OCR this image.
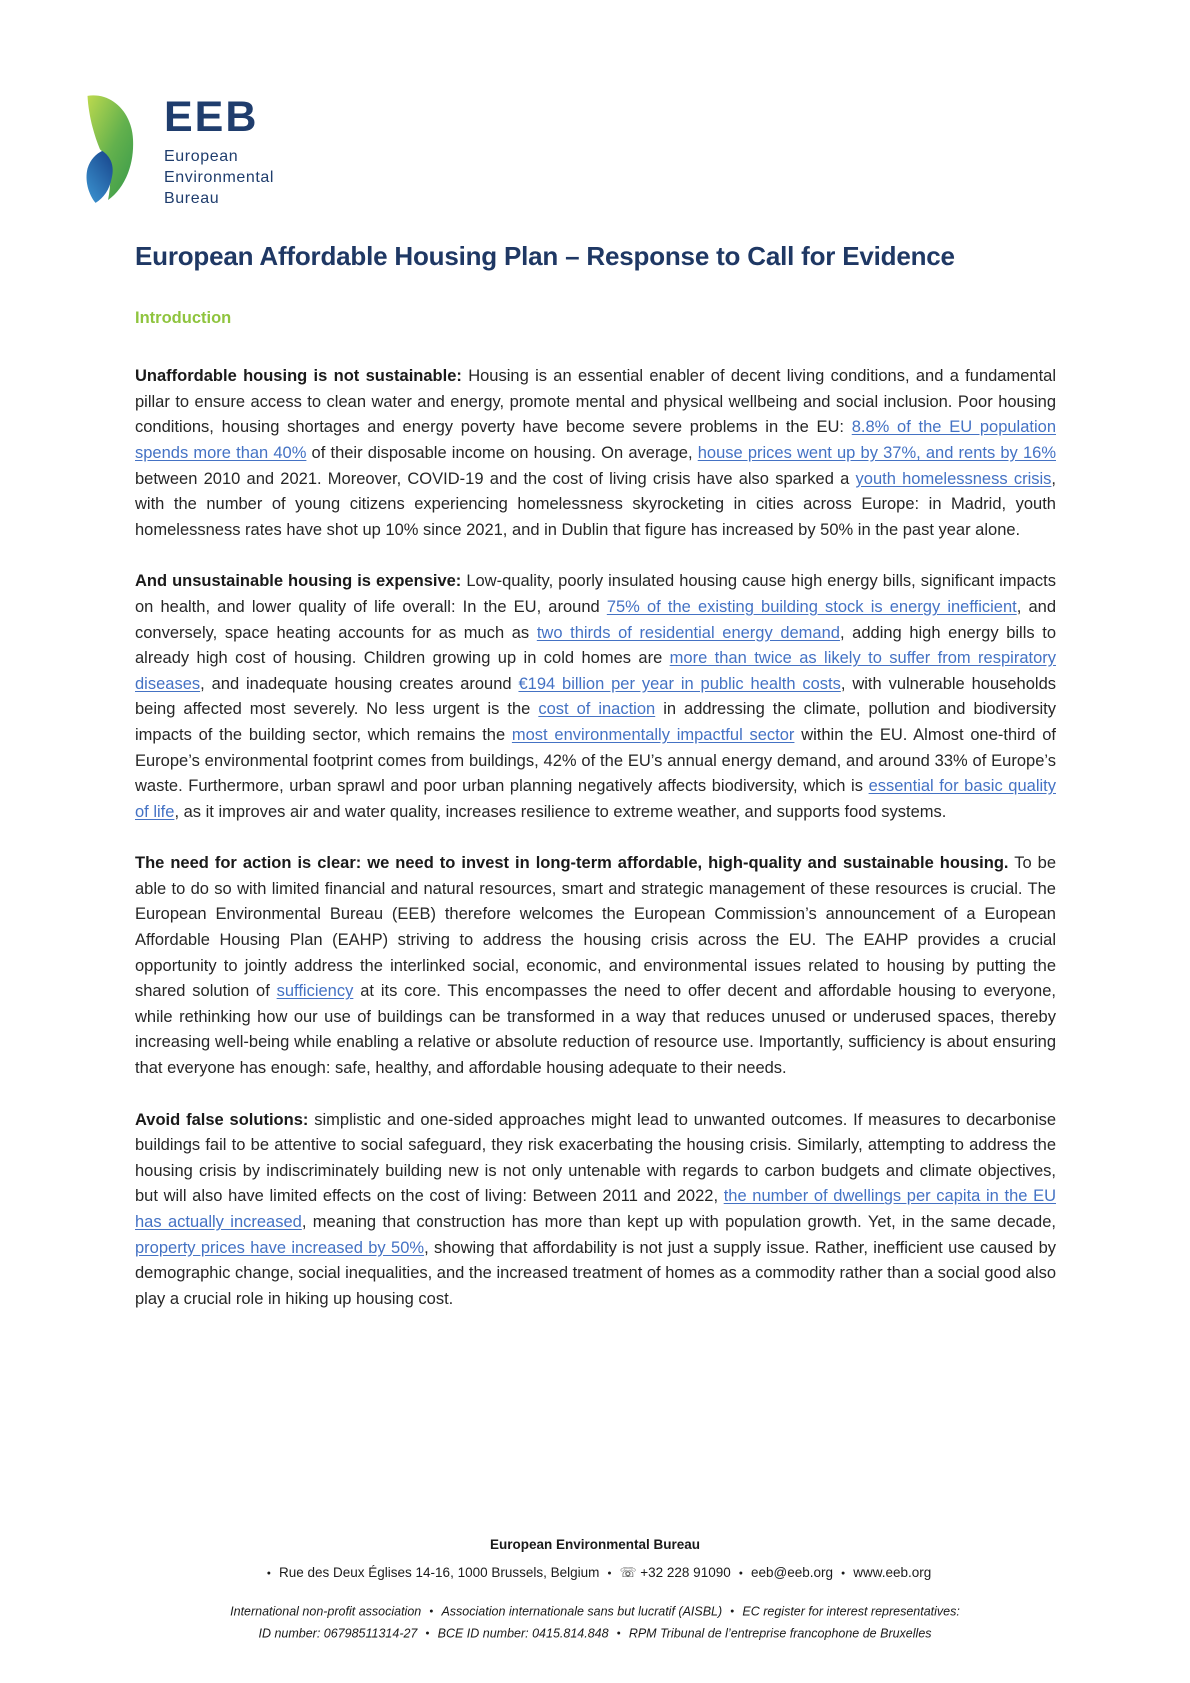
EEB
European
Environmental
Bureau
European Affordable Housing Plan – Response to Call for Evidence
Introduction

Unaffordable housing is not sustainable: Housing is an essential enabler of decent living conditions, and a fundamental pillar to ensure access to clean water and energy, promote mental and physical wellbeing and social inclusion. Poor housing conditions, housing shortages and energy poverty have become severe problems in the EU: 8.8% of the EU population spends more than 40% of their disposable income on housing. On average, house prices went up by 37%, and rents by 16% between 2010 and 2021. Moreover, COVID-19 and the cost of living crisis have also sparked a youth homelessness crisis, with the number of young citizens experiencing homelessness skyrocketing in cities across Europe: in Madrid, youth homelessness rates have shot up 10% since 2021, and in Dublin that figure has increased by 50% in the past year alone.

And unsustainable housing is expensive: Low-quality, poorly insulated housing cause high energy bills, significant impacts on health, and lower quality of life overall: In the EU, around 75% of the existing building stock is energy inefficient, and conversely, space heating accounts for as much as two thirds of residential energy demand, adding high energy bills to already high cost of housing. Children growing up in cold homes are more than twice as likely to suffer from respiratory diseases, and inadequate housing creates around €194 billion per year in public health costs, with vulnerable households being affected most severely. No less urgent is the cost of inaction in addressing the climate, pollution and biodiversity impacts of the building sector, which remains the most environmentally impactful sector within the EU. Almost one-third of Europe’s environmental footprint comes from buildings, 42% of the EU’s annual energy demand, and around 33% of Europe’s waste. Furthermore, urban sprawl and poor urban planning negatively affects biodiversity, which is essential for basic quality of life, as it improves air and water quality, increases resilience to extreme weather, and supports food systems.

The need for action is clear: we need to invest in long-term affordable, high-quality and sustainable housing. To be able to do so with limited financial and natural resources, smart and strategic management of these resources is crucial. The European Environmental Bureau (EEB) therefore welcomes the European Commission’s announcement of a European Affordable Housing Plan (EAHP) striving to address the housing crisis across the EU. The EAHP provides a crucial opportunity to jointly address the interlinked social, economic, and environmental issues related to housing by putting the shared solution of sufficiency at its core. This encompasses the need to offer decent and affordable housing to everyone, while rethinking how our use of buildings can be transformed in a way that reduces unused or underused spaces, thereby increasing well-being while enabling a relative or absolute reduction of resource use. Importantly, sufficiency is about ensuring that everyone has enough: safe, healthy, and affordable housing adequate to their needs.

Avoid false solutions: simplistic and one-sided approaches might lead to unwanted outcomes. If measures to decarbonise buildings fail to be attentive to social safeguard, they risk exacerbating the housing crisis. Similarly, attempting to address the housing crisis by indiscriminately building new is not only untenable with regards to carbon budgets and climate objectives, but will also have limited effects on the cost of living: Between 2011 and 2022, the number of dwellings per capita in the EU has actually increased, meaning that construction has more than kept up with population growth. Yet, in the same decade, property prices have increased by 50%, showing that affordability is not just a supply issue. Rather, inefficient use caused by demographic change, social inequalities, and the increased treatment of homes as a commodity rather than a social good also play a crucial role in hiking up housing cost.

European Environmental Bureau
● Rue des Deux Églises 14-16, 1000 Brussels, Belgium ● ☏ +32 228 91090 ● eeb@eeb.org ● www.eeb.org
International non-profit association ● Association internationale sans but lucratif (AISBL) ● EC register for interest representatives:
ID number: 06798511314-27 ● BCE ID number: 0415.814.848 ● RPM Tribunal de l’entreprise francophone de Bruxelles
